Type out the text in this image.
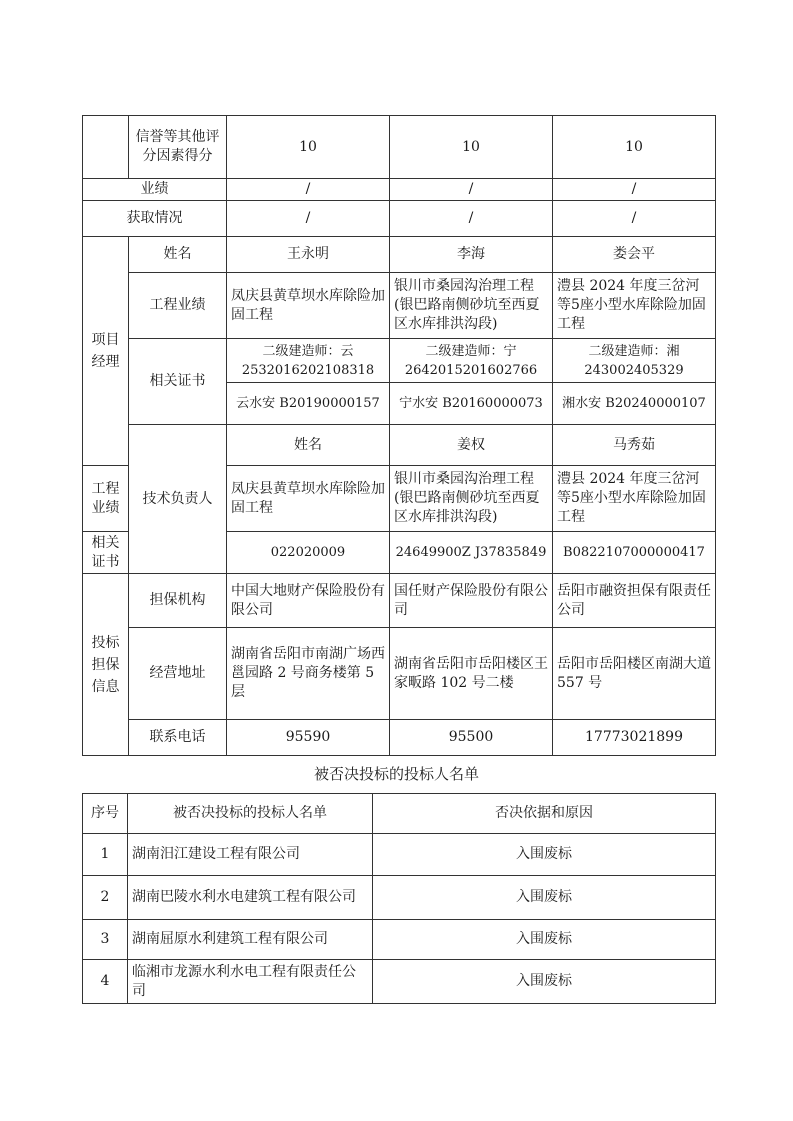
	信誉等其他评分因素得分	10	10	10	
业绩		/	/	/	
获取情况		/	/	/	
项目经理	姓名	王永明	李海	娄会平	
	工程业绩	凤庆县黄草坝水库除险加固工程	银川市桑园沟治理工程(银巴路南侧砂坑至西夏区水库排洪沟段)	澧县 2024 年度三岔河等5座小型水库除险加固工程	
	相关证书	二级建造师：云 2532016202108318	二级建造师：宁 2642015201602766	二级建造师：湘 243002405329	
		云水安 B20190000157	宁水安 B20160000073	湘水安 B20240000107	
	技术负责人	姓名	姜权	马秀茹	
工程业绩		凤庆县黄草坝水库除险加固工程	银川市桑园沟治理工程(银巴路南侧砂坑至西夏区水库排洪沟段)	澧县 2024 年度三岔河等5座小型水库除险加固工程	
相关证书		022020009	24649900Z J37835849	B0822107000000417	
投标担保信息	担保机构	中国大地财产保险股份有限公司	国任财产保险股份有限公司	岳阳市融资担保有限责任公司	
	经营地址	湖南省岳阳市南湖广场西邕园路 2 号商务楼第 5 层	湖南省岳阳市岳阳楼区王家畈路 102 号二楼	岳阳市岳阳楼区南湖大道 557 号	
	联系电话	95590	95500	17773021899	
被否决投标的投标人名单
序号	被否决投标的投标人名单	否决依据和原因
1	湖南汨江建设工程有限公司	入围废标
2	湖南巴陵水利水电建筑工程有限公司	入围废标
3	湖南屈原水利建筑工程有限公司	入围废标
4	临湘市龙源水利水电工程有限责任公司	入围废标
